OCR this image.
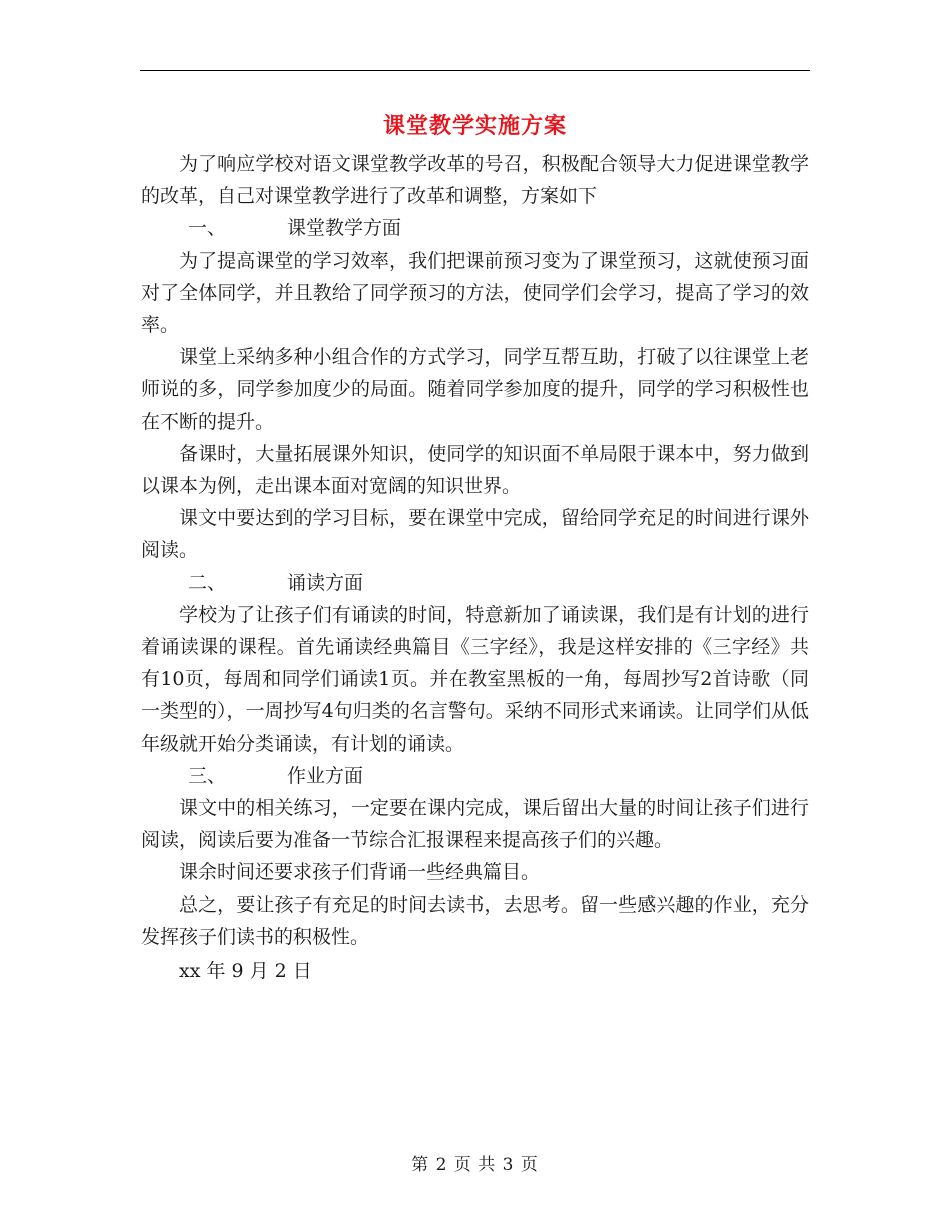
课堂教学实施方案

为了响应学校对语文课堂教学改革的号召，积极配合领导大力促进课堂教学的改革，自己对课堂教学进行了改革和调整，方案如下

一、	课堂教学方面

为了提高课堂的学习效率，我们把课前预习变为了课堂预习，这就使预习面对了全体同学，并且教给了同学预习的方法，使同学们会学习，提高了学习的效率。

课堂上采纳多种小组合作的方式学习，同学互帮互助，打破了以往课堂上老师说的多，同学参加度少的局面。随着同学参加度的提升，同学的学习积极性也在不断的提升。

备课时，大量拓展课外知识，使同学的知识面不单局限于课本中，努力做到以课本为例，走出课本面对宽阔的知识世界。

课文中要达到的学习目标，要在课堂中完成，留给同学充足的时间进行课外阅读。

二、	诵读方面

学校为了让孩子们有诵读的时间，特意新加了诵读课，我们是有计划的进行着诵读课的课程。首先诵读经典篇目《三字经》，我是这样安排的《三字经》共有10页，每周和同学们诵读1页。并在教室黑板的一角，每周抄写2首诗歌（同一类型的），一周抄写4句归类的名言警句。采纳不同形式来诵读。让同学们从低年级就开始分类诵读，有计划的诵读。

三、	作业方面

课文中的相关练习，一定要在课内完成，课后留出大量的时间让孩子们进行阅读，阅读后要为准备一节综合汇报课程来提高孩子们的兴趣。

课余时间还要求孩子们背诵一些经典篇目。

总之，要让孩子有充足的时间去读书，去思考。留一些感兴趣的作业，充分发挥孩子们读书的积极性。

xx 年 9 月 2 日

第 2 页 共 3 页
